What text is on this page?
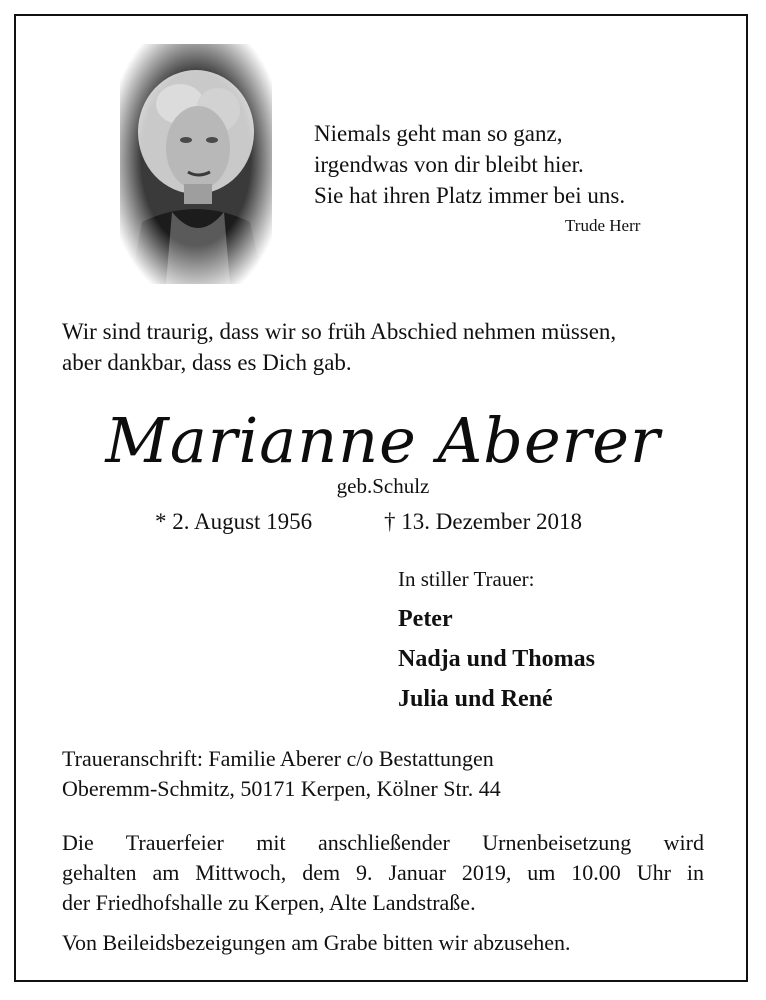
Niemals geht man so ganz,
irgendwas von dir bleibt hier.
Sie hat ihren Platz immer bei uns.
Trude Herr
Wir sind traurig, dass wir so früh Abschied nehmen müssen,
aber dankbar, dass es Dich gab.
Marianne Aberer
geb.Schulz
* 2. August 1956	† 13. Dezember 2018
In stiller Trauer:
Peter
Nadja und Thomas
Julia und René
Traueranschrift: Familie Aberer c/o Bestattungen
Oberemm-Schmitz, 50171 Kerpen, Kölner Str. 44
Die Trauerfeier mit anschließender Urnenbeisetzung wird
gehalten am Mittwoch, dem 9. Januar 2019, um 10.00 Uhr in
der Friedhofshalle zu Kerpen, Alte Landstraße.
Von Beileidsbezeigungen am Grabe bitten wir abzusehen.
